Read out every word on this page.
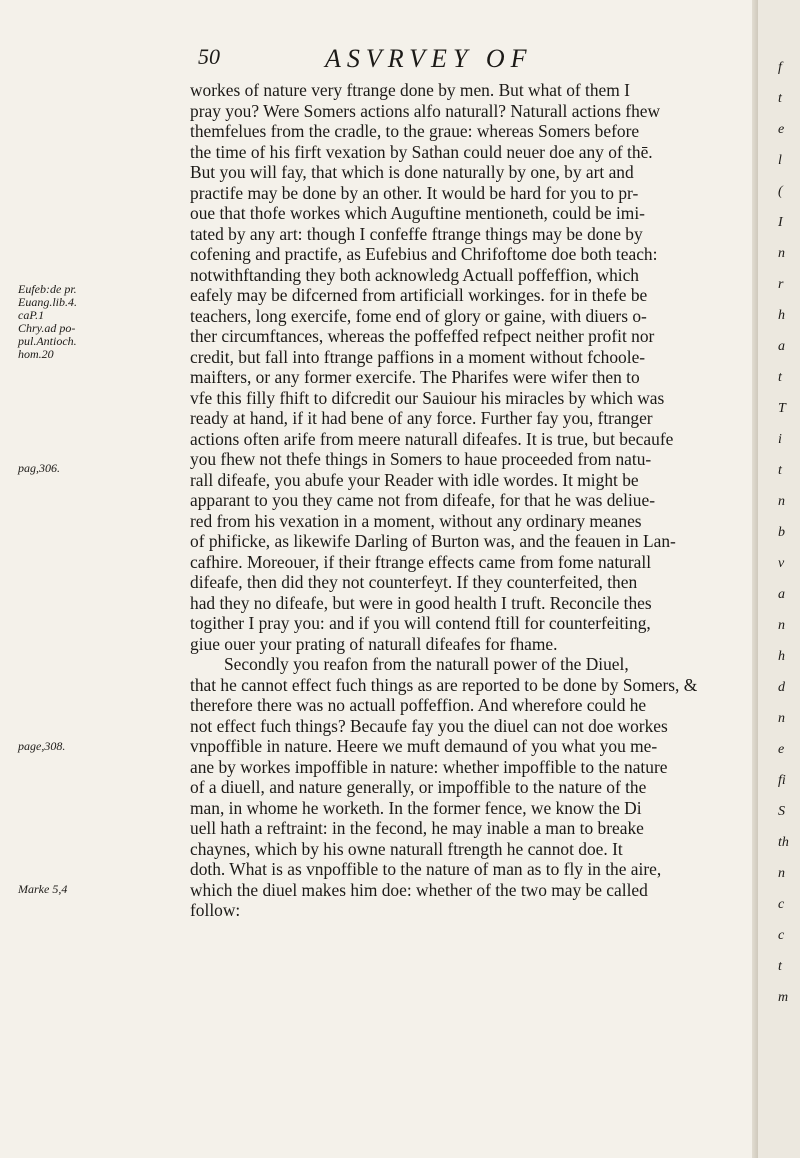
50	ASVRVEY OF
Eufeb:de pr.
Euang.lib.4.
caP.1
Chry.ad po-
pul.Antioch.
hom.20
pag,306.
page,308.
Marke 5,4
workes of nature very ftrange done by men. But what of them I
pray you? Were Somers actions alfo naturall? Naturall actions fhew
themfelues from the cradle, to the graue: whereas Somers before
the time of his firft vexation by Sathan could neuer doe any of thē.
But you will fay, that which is done naturally by one, by art and
practife may be done by an other. It would be hard for you to pr-
oue that thofe workes which Auguftine mentioneth, could be imi-
tated by any art: though I confeffe ftrange things may be done by
cofening and practife, as Eufebius and Chrifoftome doe both teach:
notwithftanding they both acknowledg Actuall poffeffion, which
eafely may be difcerned from artificiall workinges. for in thefe be
teachers, long exercife, fome end of glory or gaine, with diuers o-
ther circumftances, whereas the poffeffed refpect neither profit nor
credit, but fall into ftrange paffions in a moment without fchoole-
maifters, or any former exercife. The Pharifes were wifer then to
vfe this filly fhift to difcredit our Sauiour his miracles by which was
ready at hand, if it had bene of any force. Further fay you, ftranger
actions often arife from meere naturall difeafes. It is true, but becaufe
you fhew not thefe things in Somers to haue proceeded from natu-
rall difeafe, you abufe your Reader with idle wordes. It might be
apparant to you they came not from difeafe, for that he was deliue-
red from his vexation in a moment, without any ordinary meanes
of phificke, as likewife Darling of Burton was, and the feauen in Lan-
cafhire. Moreouer, if their ftrange effects came from fome naturall
difeafe, then did they not counterfeyt. If they counterfeited, then
had they no difeafe, but were in good health I truft. Reconcile thes
togither I pray you: and if you will contend ftill for counterfeiting,
giue ouer your prating of naturall difeafes for fhame.
Secondly you reafon from the naturall power of the Diuel,
that he cannot effect fuch things as are reported to be done by Somers, &
therefore there was no actuall poffeffion. And wherefore could he
not effect fuch things? Becaufe fay you the diuel can not doe workes
vnpoffible in nature. Heere we muft demaund of you what you me-
ane by workes impoffible in nature: whether impoffible to the nature
of a diuell, and nature generally, or impoffible to the nature of the
man, in whome he worketh. In the former fence, we know the Di
uell hath a reftraint: in the fecond, he may inable a man to breake
chaynes, which by his owne naturall ftrength he cannot doe. It
doth. What is as vnpoffible to the nature of man as to fly in the aire,
which the diuel makes him doe: whether of the two may be called
follow:
f
t
e
l
(
I
n
r
h
a
t
T
i
t
n
b
v
a
n
h
d
n
e
fi
S
th
n
c
c
t
m
